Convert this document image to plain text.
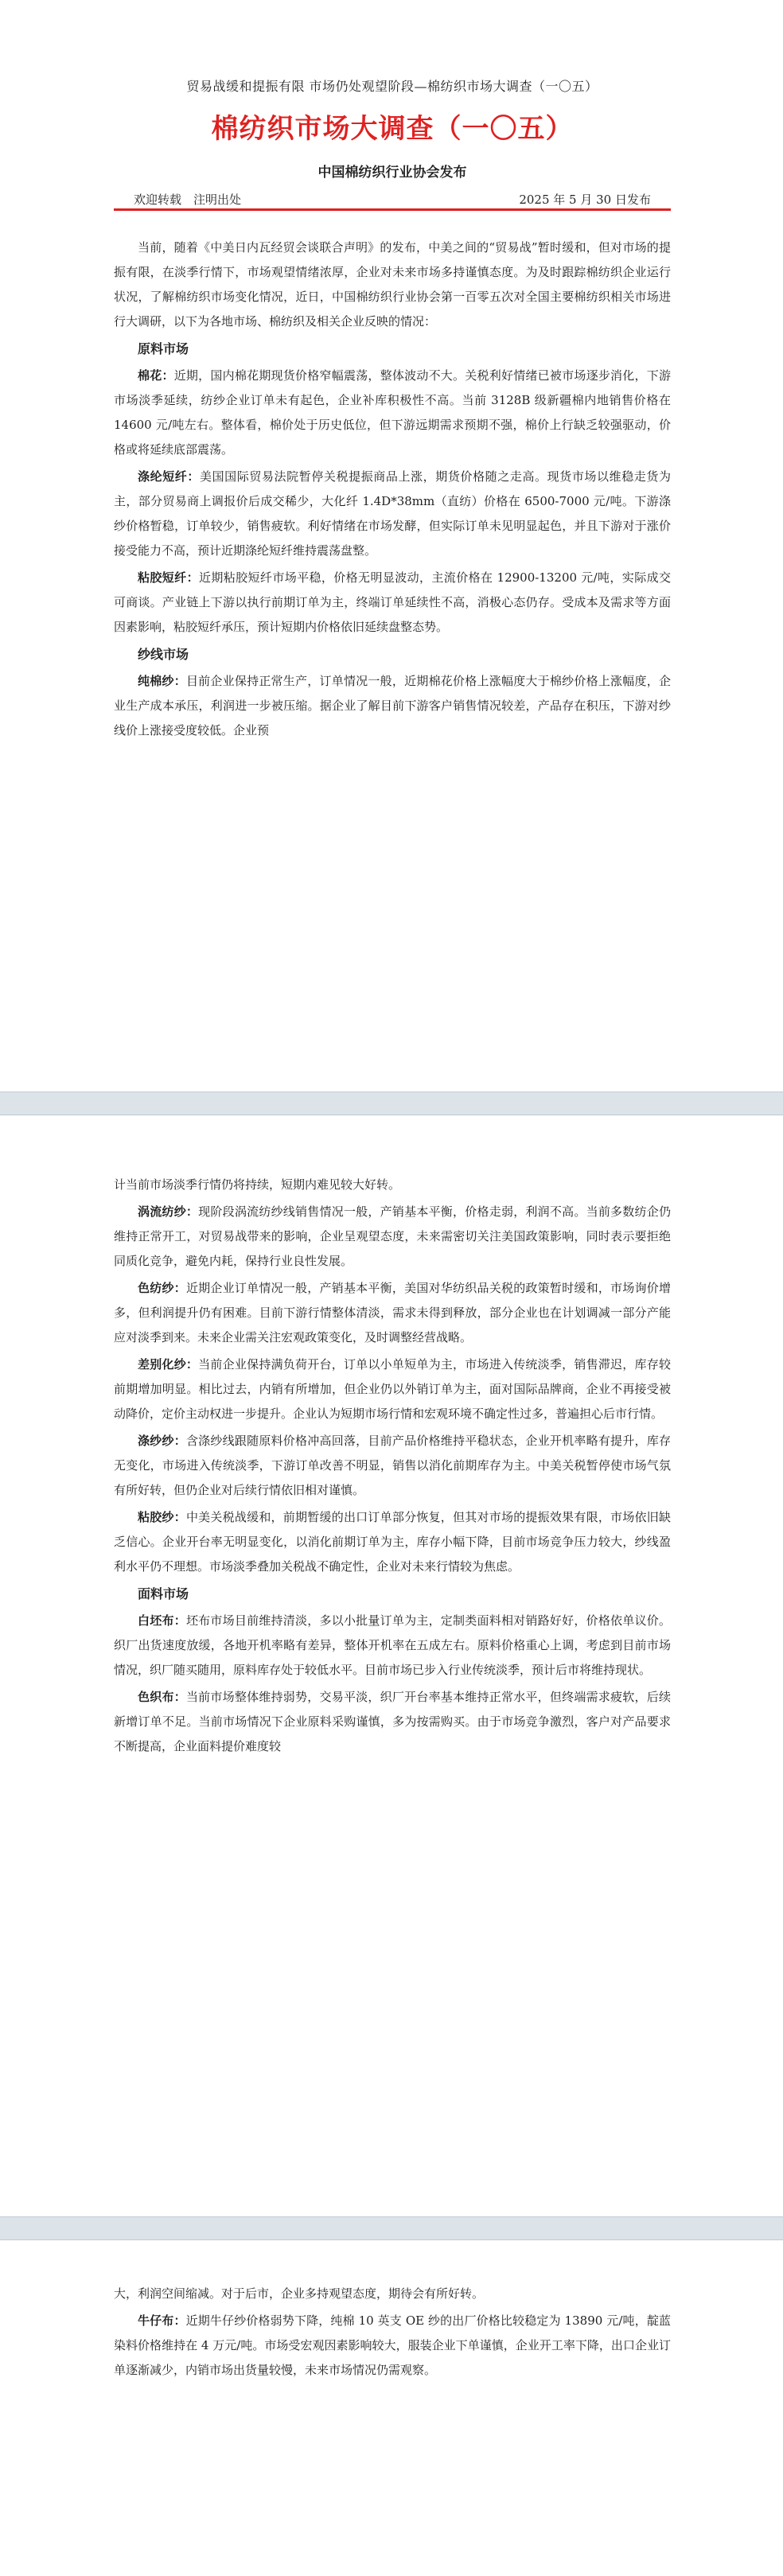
贸易战缓和提振有限 市场仍处观望阶段—棉纺织市场大调查（一〇五）
棉纺织市场大调查（一〇五）
中国棉纺织行业协会发布
欢迎转载　注明出处	2025 年 5 月 30 日发布

当前，随着《中美日内瓦经贸会谈联合声明》的发布，中美之间的“贸易战”暂时缓和，但对市场的提振有限，在淡季行情下，市场观望情绪浓厚，企业对未来市场多持谨慎态度。为及时跟踪棉纺织企业运行状况，了解棉纺织市场变化情况，近日，中国棉纺织行业协会第一百零五次对全国主要棉纺织相关市场进行大调研，以下为各地市场、棉纺织及相关企业反映的情况：

原料市场

棉花：近期，国内棉花期现货价格窄幅震荡，整体波动不大。关税利好情绪已被市场逐步消化，下游市场淡季延续，纺纱企业订单未有起色，企业补库积极性不高。当前 3128B 级新疆棉内地销售价格在 14600 元/吨左右。整体看，棉价处于历史低位，但下游远期需求预期不强，棉价上行缺乏较强驱动，价格或将延续底部震荡。

涤纶短纤：美国国际贸易法院暂停关税提振商品上涨，期货价格随之走高。现货市场以维稳走货为主，部分贸易商上调报价后成交稀少，大化纤 1.4D*38mm（直纺）价格在 6500-7000 元/吨。下游涤纱价格暂稳，订单较少，销售疲软。利好情绪在市场发酵，但实际订单未见明显起色，并且下游对于涨价接受能力不高，预计近期涤纶短纤维持震荡盘整。

粘胶短纤：近期粘胶短纤市场平稳，价格无明显波动，主流价格在 12900-13200 元/吨，实际成交可商谈。产业链上下游以执行前期订单为主，终端订单延续性不高，消极心态仍存。受成本及需求等方面因素影响，粘胶短纤承压，预计短期内价格依旧延续盘整态势。

纱线市场

纯棉纱：目前企业保持正常生产，订单情况一般，近期棉花价格上涨幅度大于棉纱价格上涨幅度，企业生产成本承压，利润进一步被压缩。据企业了解目前下游客户销售情况较差，产品存在积压，下游对纱线价上涨接受度较低。企业预

计当前市场淡季行情仍将持续，短期内难见较大好转。

涡流纺纱：现阶段涡流纺纱线销售情况一般，产销基本平衡，价格走弱，利润不高。当前多数纺企仍维持正常开工，对贸易战带来的影响，企业呈观望态度，未来需密切关注美国政策影响，同时表示要拒绝同质化竞争，避免内耗，保持行业良性发展。

色纺纱：近期企业订单情况一般，产销基本平衡，美国对华纺织品关税的政策暂时缓和，市场询价增多，但利润提升仍有困难。目前下游行情整体清淡，需求未得到释放，部分企业也在计划调减一部分产能应对淡季到来。未来企业需关注宏观政策变化，及时调整经营战略。

差别化纱：当前企业保持满负荷开台，订单以小单短单为主，市场进入传统淡季，销售滞迟，库存较前期增加明显。相比过去，内销有所增加，但企业仍以外销订单为主，面对国际品牌商，企业不再接受被动降价，定价主动权进一步提升。企业认为短期市场行情和宏观环境不确定性过多，普遍担心后市行情。

涤纱纱：含涤纱线跟随原料价格冲高回落，目前产品价格维持平稳状态，企业开机率略有提升，库存无变化，市场进入传统淡季，下游订单改善不明显，销售以消化前期库存为主。中美关税暂停使市场气氛有所好转，但仍企业对后续行情依旧相对谨慎。

粘胶纱：中美关税战缓和，前期暂缓的出口订单部分恢复，但其对市场的提振效果有限，市场依旧缺乏信心。企业开台率无明显变化，以消化前期订单为主，库存小幅下降，目前市场竞争压力较大，纱线盈利水平仍不理想。市场淡季叠加关税战不确定性，企业对未来行情较为焦虑。

面料市场

白坯布：坯布市场目前维持清淡，多以小批量订单为主，定制类面料相对销路好好，价格依单议价。织厂出货速度放缓，各地开机率略有差异，整体开机率在五成左右。原料价格重心上调，考虑到目前市场情况，织厂随买随用，原料库存处于较低水平。目前市场已步入行业传统淡季，预计后市将维持现状。

色织布：当前市场整体维持弱势，交易平淡，织厂开台率基本维持正常水平，但终端需求疲软，后续新增订单不足。当前市场情况下企业原料采购谨慎，多为按需购买。由于市场竞争激烈，客户对产品要求不断提高，企业面料提价难度较

大，利润空间缩减。对于后市，企业多持观望态度，期待会有所好转。

牛仔布：近期牛仔纱价格弱势下降，纯棉 10 英支 OE 纱的出厂价格比较稳定为 13890 元/吨，靛蓝染料价格维持在 4 万元/吨。市场受宏观因素影响较大，服装企业下单谨慎，企业开工率下降，出口企业订单逐渐减少，内销市场出货量较慢，未来市场情况仍需观察。
